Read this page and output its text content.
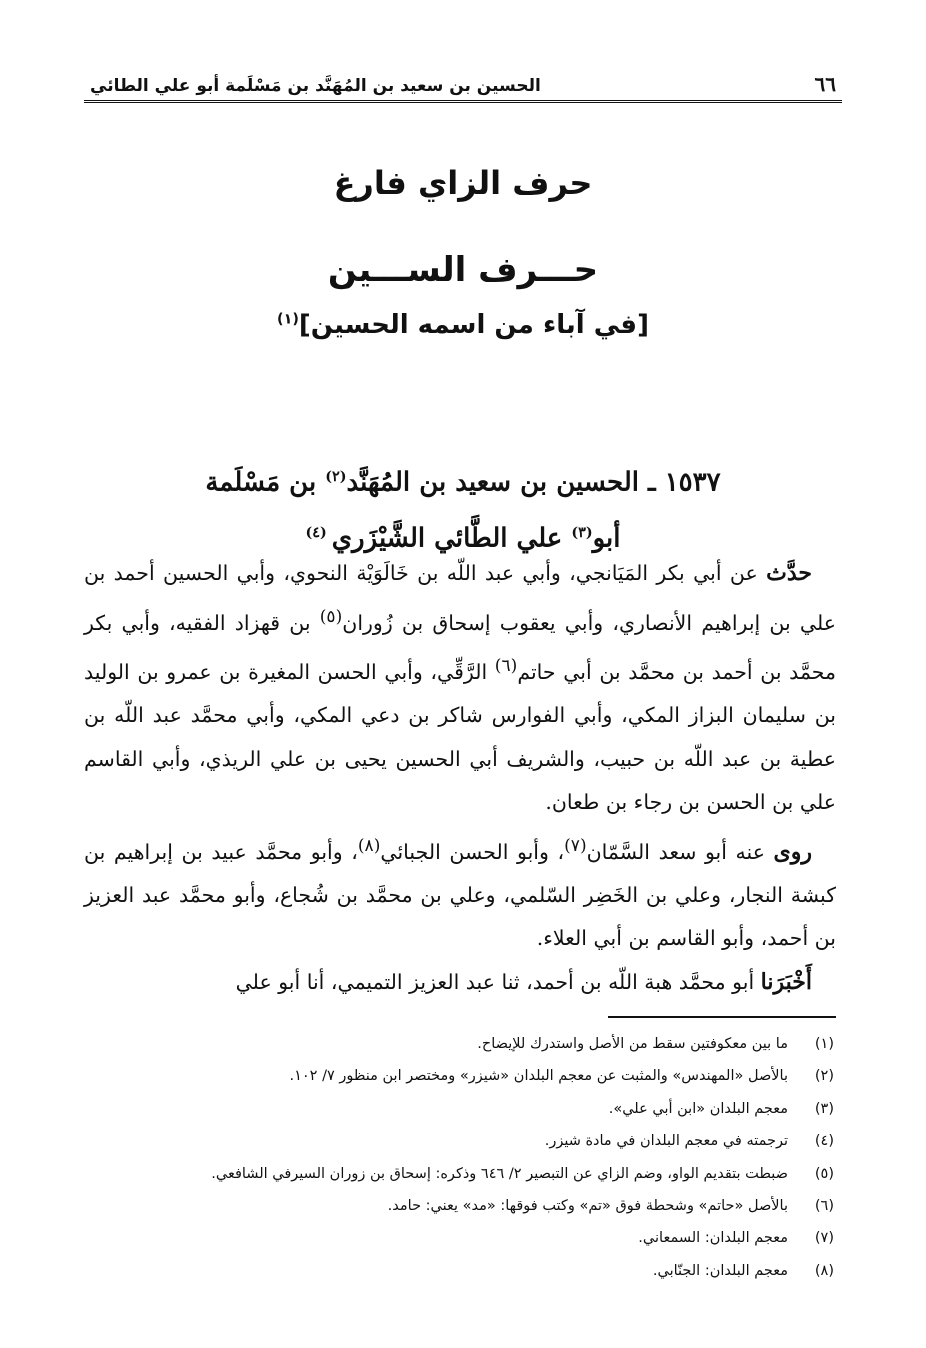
٦٦
الحسين بن سعيد بن المُهَنَّد بن مَسْلَمة أبو علي الطائي
حرف الزاي فارغ
حـــرف الســـين
[في آباء من اسمه الحسين]$^{(١)}$
١٥٣٧ ـ الحسين بن سعيد بن المُهَنَّد$^{(٢)}$ بن مَسْلَمة
أبو$^{(٣)}$ علي الطَّائي الشَّيْزَري $^{(٤)}$

حدَّث عن أبي بكر المَيَانجي، وأبي عبد اللّه بن خَالَوَيْة النحوي، وأبي الحسين أحمد بن علي بن إبراهيم الأنصاري، وأبي يعقوب إسحاق بن زُوران$^{(٥)}$ بن قهزاد الفقيه، وأبي بكر محمَّد بن أحمد بن محمَّد بن أبي حاتم$^{(٦)}$ الرَّقِّي، وأبي الحسن المغيرة بن عمرو بن الوليد بن سليمان البزاز المكي، وأبي الفوارس شاكر بن دعي المكي، وأبي محمَّد عبد اللّه بن عطية بن عبد اللّه بن حبيب، والشريف أبي الحسين يحيى بن علي الريذي، وأبي القاسم علي بن الحسن بن رجاء بن طعان.

روى عنه أبو سعد السَّمّان$^{(٧)}$، وأبو الحسن الجبائي$^{(٨)}$، وأبو محمَّد عبيد بن إبراهيم بن كبشة النجار، وعلي بن الخَضِر السّلمي، وعلي بن محمَّد بن شُجاع، وأبو محمَّد عبد العزيز بن أحمد، وأبو القاسم بن أبي العلاء.

أَخْبَرَنا أبو محمَّد هبة اللّه بن أحمد، ثنا عبد العزيز التميمي، أنا أبو علي

(١)
ما بين معكوفتين سقط من الأصل واستدرك للإيضاح.
(٢)
بالأصل «المهندس» والمثبت عن معجم البلدان «شيزر» ومختصر ابن منظور ٧/ ١٠٢.
(٣)
معجم البلدان «ابن أبي علي».
(٤)
ترجمته في معجم البلدان في مادة شيزر.
(٥)
ضبطت بتقديم الواو، وضم الزاي عن التبصير ٢/ ٦٤٦ وذكره: إسحاق بن زوران السيرفي الشافعي.
(٦)
بالأصل «حاتم» وشحطة فوق «تم» وكتب فوقها: «مد» يعني: حامد.
(٧)
معجم البلدان: السمعاني.
(٨)
معجم البلدان: الجنّابي.
